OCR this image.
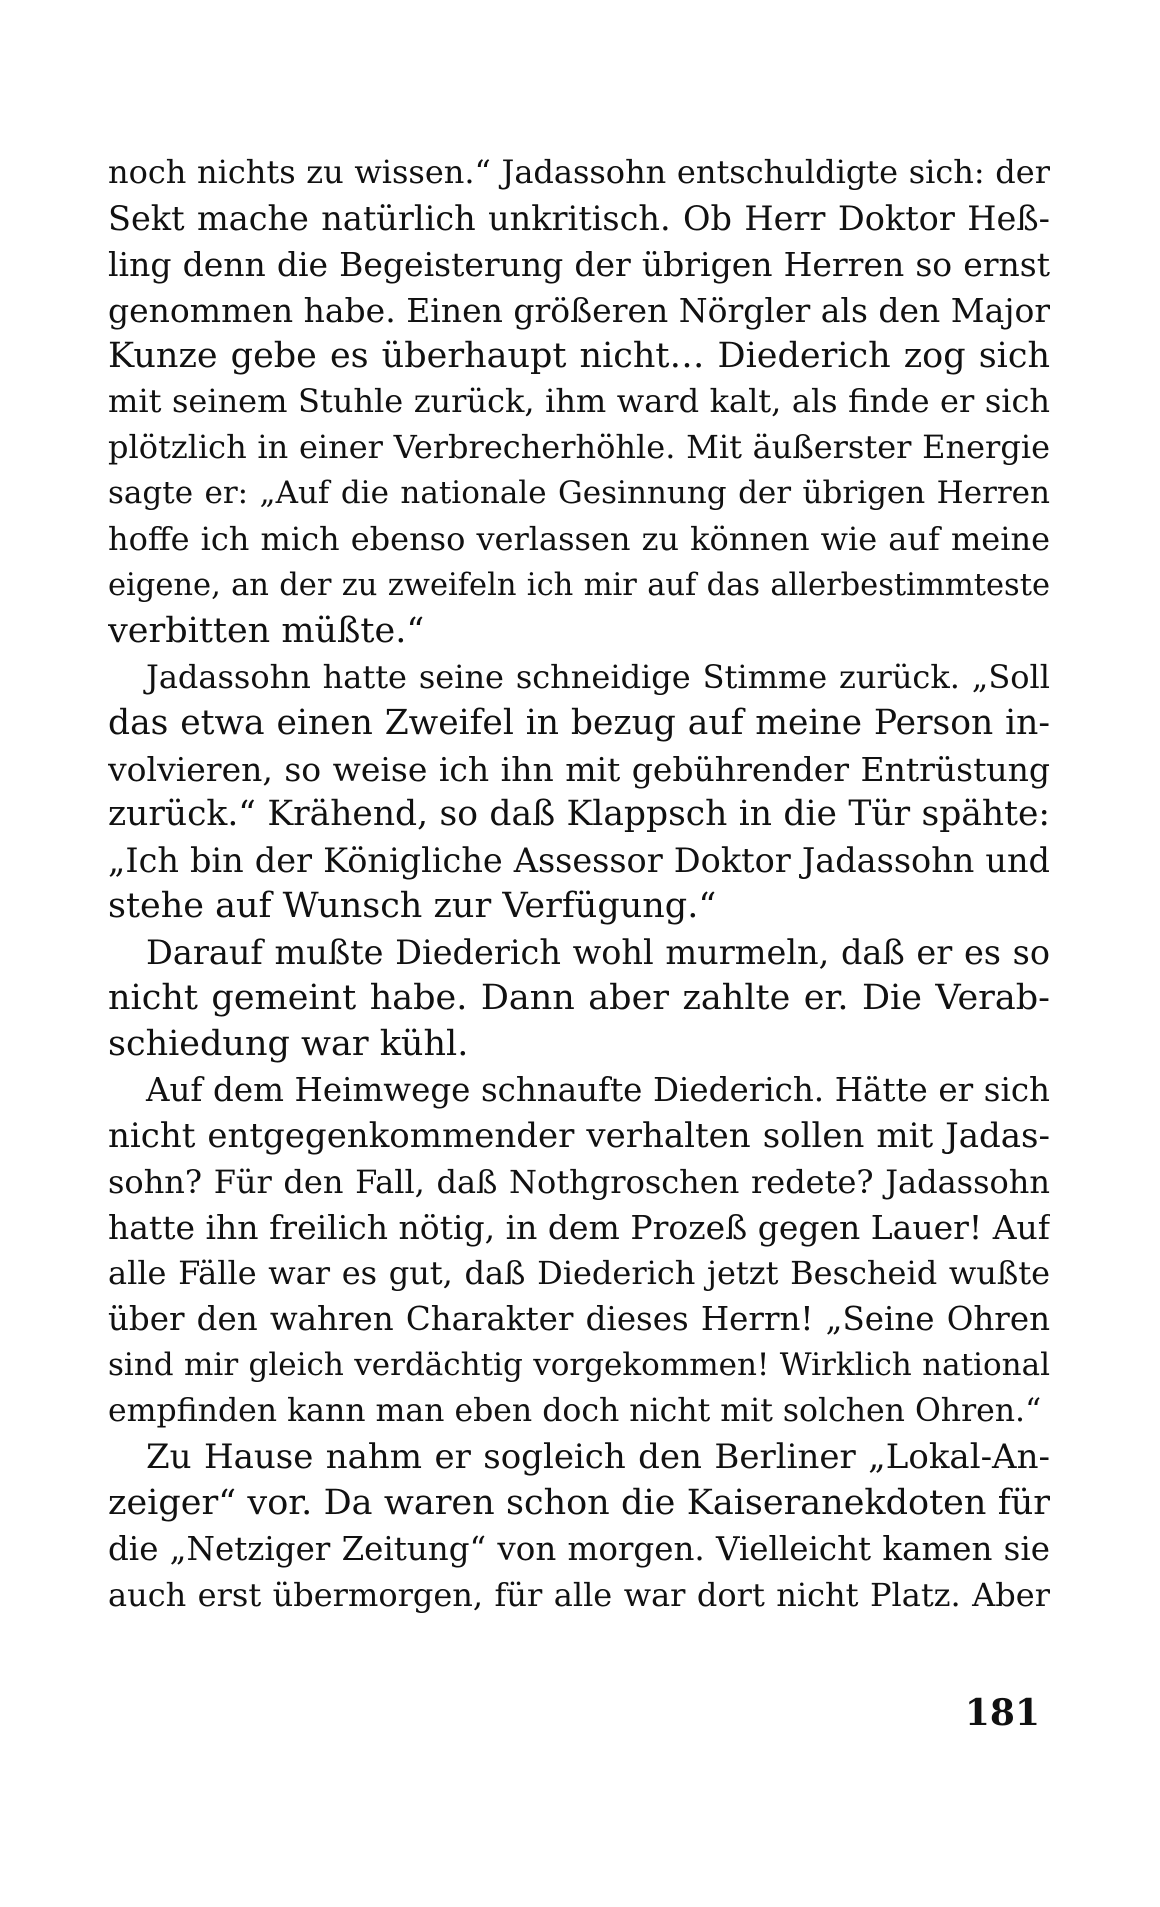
noch nichts zu wissen.“ Jadassohn entschuldigte sich: der
Sekt mache natürlich unkritisch. Ob Herr Doktor Heß-
ling denn die Begeisterung der übrigen Herren so ernst
genommen habe. Einen größeren Nörgler als den Major
Kunze gebe es überhaupt nicht… Diederich zog sich
mit seinem Stuhle zurück, ihm ward kalt, als finde er sich
plötzlich in einer Verbrecherhöhle. Mit äußerster Energie
sagte er: „Auf die nationale Gesinnung der übrigen Herren
hoffe ich mich ebenso verlassen zu können wie auf meine
eigene, an der zu zweifeln ich mir auf das allerbestimmteste
verbitten müßte.“
Jadassohn hatte seine schneidige Stimme zurück. „Soll
das etwa einen Zweifel in bezug auf meine Person in-
volvieren, so weise ich ihn mit gebührender Entrüstung
zurück.“ Krähend, so daß Klappsch in die Tür spähte:
„Ich bin der Königliche Assessor Doktor Jadassohn und
stehe auf Wunsch zur Verfügung.“
Darauf mußte Diederich wohl murmeln, daß er es so
nicht gemeint habe. Dann aber zahlte er. Die Verab-
schiedung war kühl.
Auf dem Heimwege schnaufte Diederich. Hätte er sich
nicht entgegenkommender verhalten sollen mit Jadas-
sohn? Für den Fall, daß Nothgroschen redete? Jadassohn
hatte ihn freilich nötig, in dem Prozeß gegen Lauer! Auf
alle Fälle war es gut, daß Diederich jetzt Bescheid wußte
über den wahren Charakter dieses Herrn! „Seine Ohren
sind mir gleich verdächtig vorgekommen! Wirklich national
empfinden kann man eben doch nicht mit solchen Ohren.“
Zu Hause nahm er sogleich den Berliner „Lokal-An-
zeiger“ vor. Da waren schon die Kaiseranekdoten für
die „Netziger Zeitung“ von morgen. Vielleicht kamen sie
auch erst übermorgen, für alle war dort nicht Platz. Aber
181
